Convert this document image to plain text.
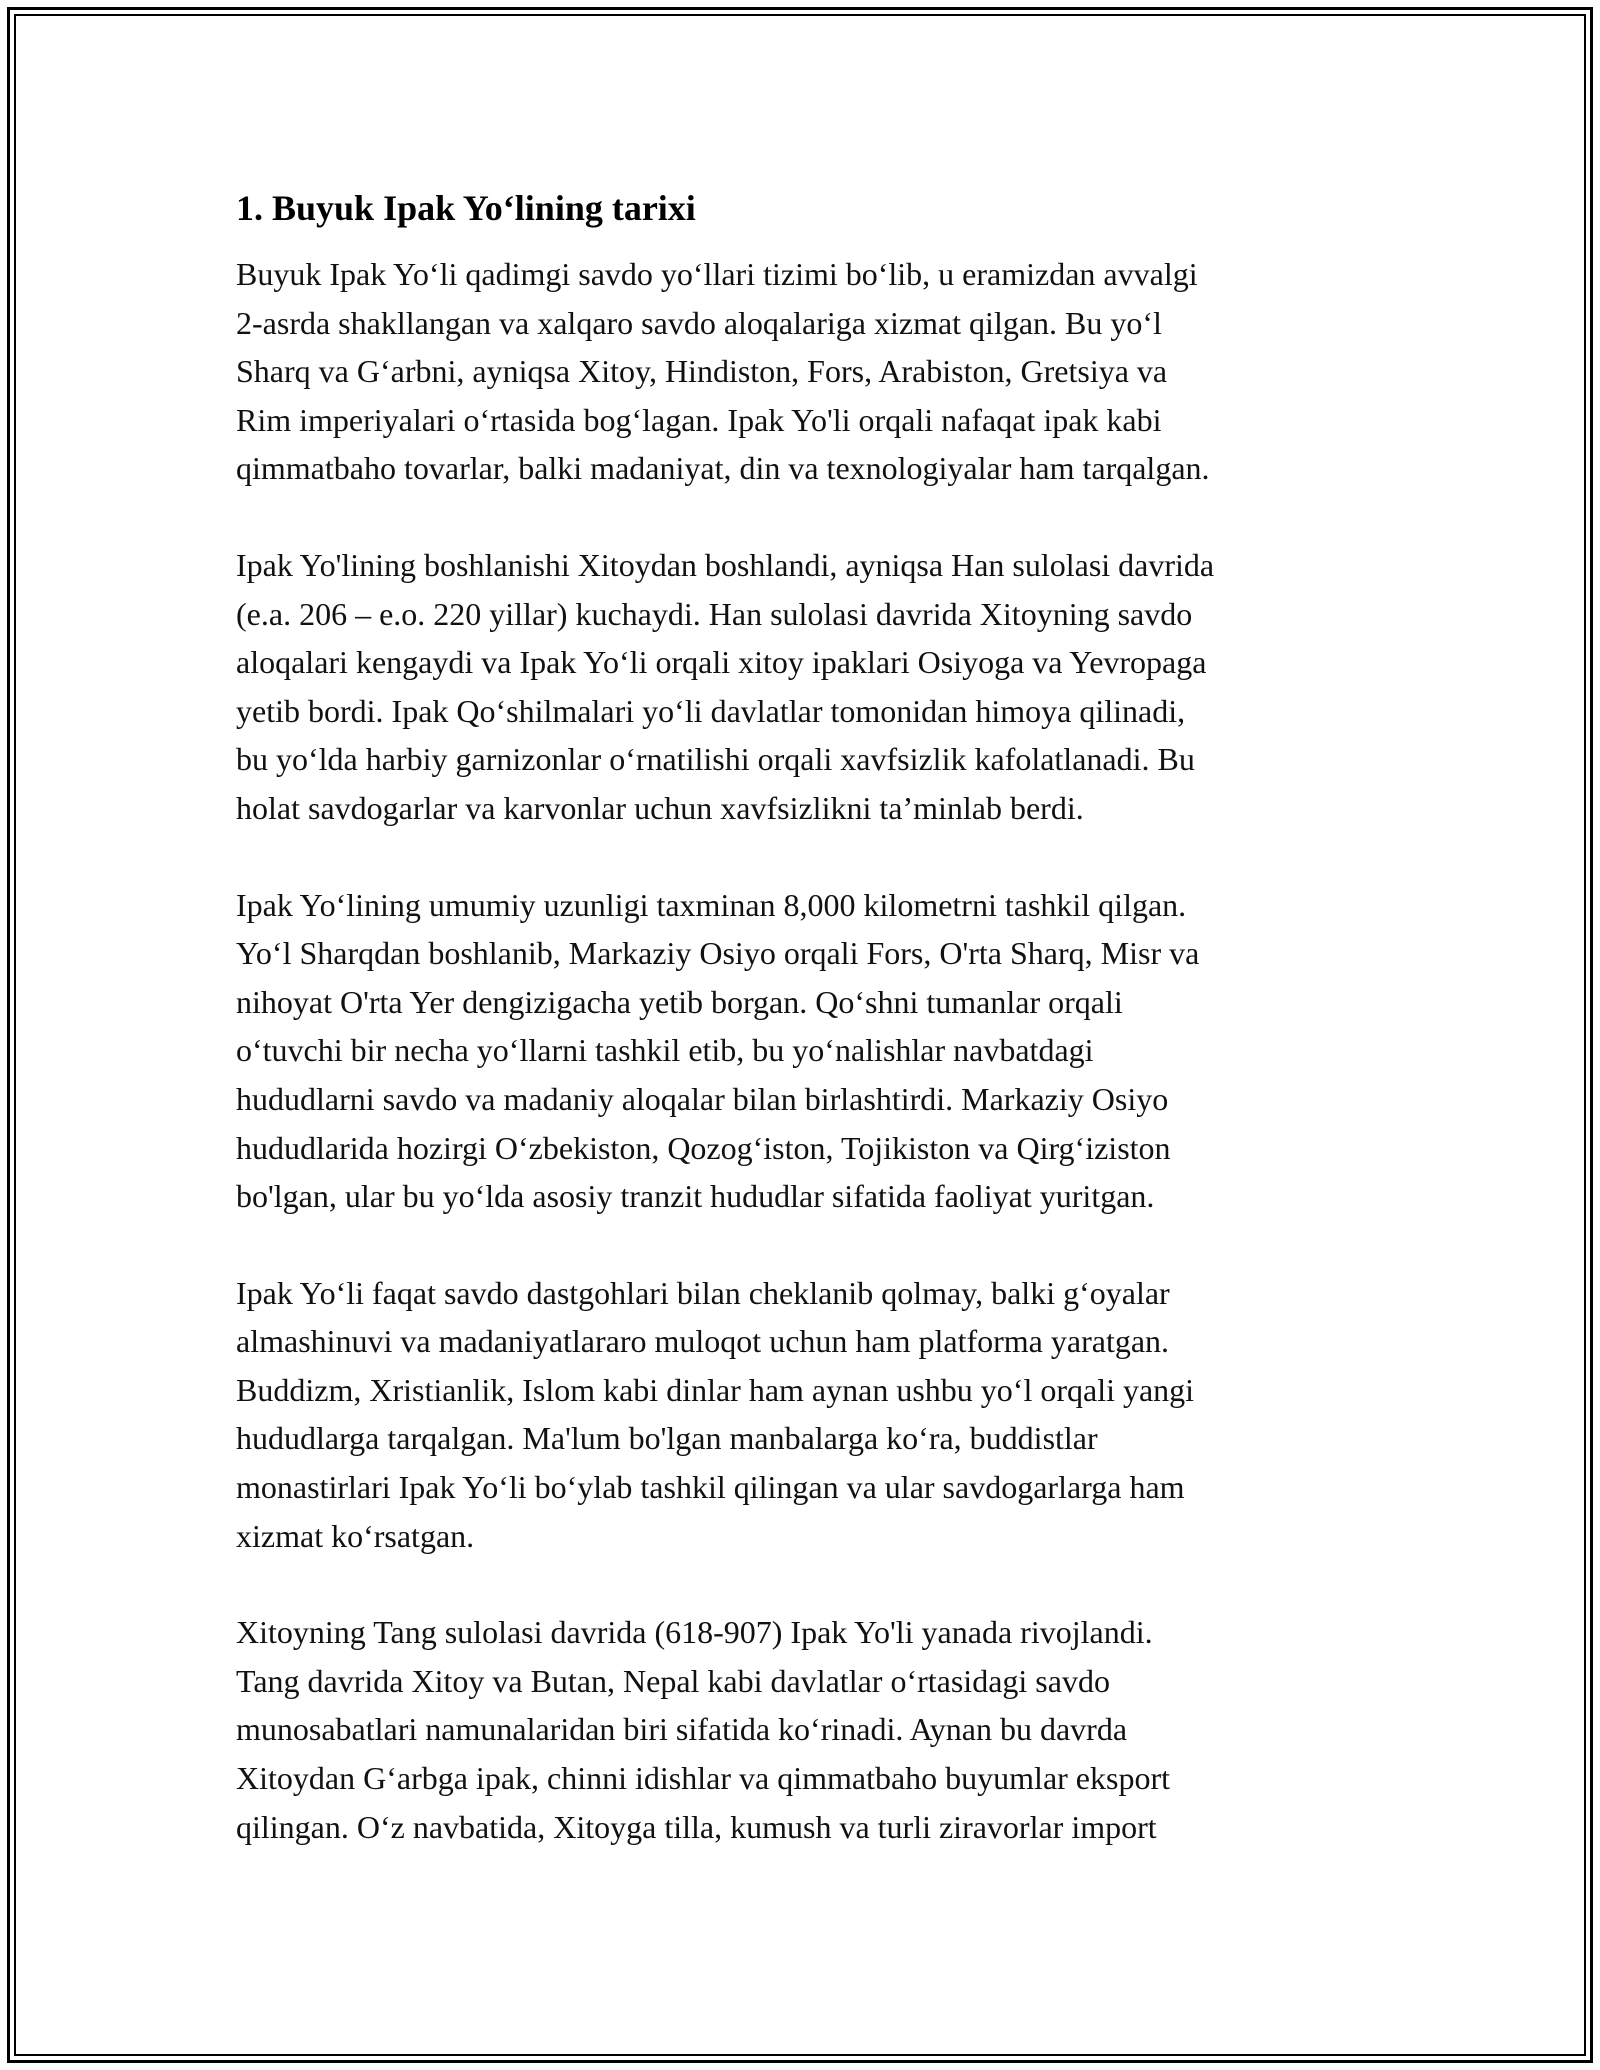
1. Buyuk Ipak Yo‘lining tarixi

Buyuk Ipak Yo‘li qadimgi savdo yo‘llari tizimi bo‘lib, u eramizdan avvalgi
2-asrda shakllangan va xalqaro savdo aloqalariga xizmat qilgan. Bu yo‘l
Sharq va G‘arbni, ayniqsa Xitoy, Hindiston, Fors, Arabiston, Gretsiya va
Rim imperiyalari o‘rtasida bog‘lagan. Ipak Yo'li orqali nafaqat ipak kabi
qimmatbaho tovarlar, balki madaniyat, din va texnologiyalar ham tarqalgan.

Ipak Yo'lining boshlanishi Xitoydan boshlandi, ayniqsa Han sulolasi davrida
(e.a. 206 – e.o. 220 yillar) kuchaydi. Han sulolasi davrida Xitoyning savdo
aloqalari kengaydi va Ipak Yo‘li orqali xitoy ipaklari Osiyoga va Yevropaga
yetib bordi. Ipak Qo‘shilmalari yo‘li davlatlar tomonidan himoya qilinadi,
bu yo‘lda harbiy garnizonlar o‘rnatilishi orqali xavfsizlik kafolatlanadi. Bu
holat savdogarlar va karvonlar uchun xavfsizlikni ta’minlab berdi.

Ipak Yo‘lining umumiy uzunligi taxminan 8,000 kilometrni tashkil qilgan.
Yo‘l Sharqdan boshlanib, Markaziy Osiyo orqali Fors, O'rta Sharq, Misr va
nihoyat O'rta Yer dengizigacha yetib borgan. Qo‘shni tumanlar orqali
o‘tuvchi bir necha yo‘llarni tashkil etib, bu yo‘nalishlar navbatdagi
hududlarni savdo va madaniy aloqalar bilan birlashtirdi. Markaziy Osiyo
hududlarida hozirgi O‘zbekiston, Qozog‘iston, Tojikiston va Qirg‘iziston
bo'lgan, ular bu yo‘lda asosiy tranzit hududlar sifatida faoliyat yuritgan.

Ipak Yo‘li faqat savdo dastgohlari bilan cheklanib qolmay, balki g‘oyalar
almashinuvi va madaniyatlararo muloqot uchun ham platforma yaratgan.
Buddizm, Xristianlik, Islom kabi dinlar ham aynan ushbu yo‘l orqali yangi
hududlarga tarqalgan. Ma'lum bo'lgan manbalarga ko‘ra, buddistlar
monastirlari Ipak Yo‘li bo‘ylab tashkil qilingan va ular savdogarlarga ham
xizmat ko‘rsatgan.

Xitoyning Tang sulolasi davrida (618-907) Ipak Yo'li yanada rivojlandi.
Tang davrida Xitoy va Butan, Nepal kabi davlatlar o‘rtasidagi savdo
munosabatlari namunalaridan biri sifatida ko‘rinadi. Aynan bu davrda
Xitoydan G‘arbga ipak, chinni idishlar va qimmatbaho buyumlar eksport
qilingan. O‘z navbatida, Xitoyga tilla, kumush va turli ziravorlar import
